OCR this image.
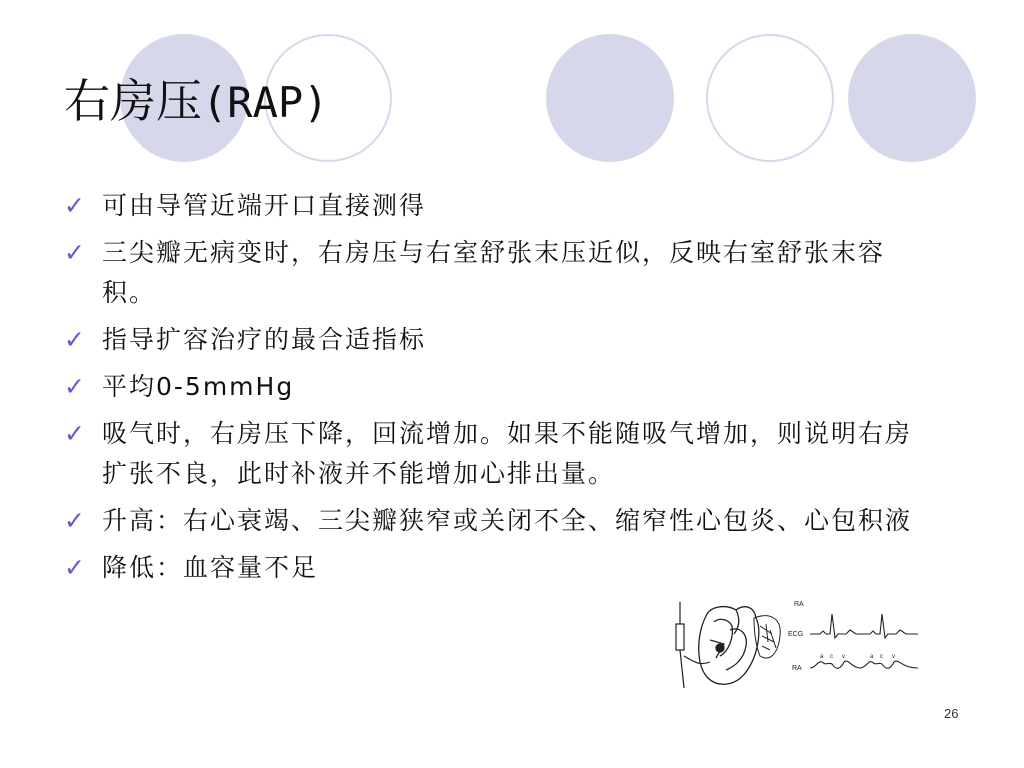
右房压(RAP)
✓ 可由导管近端开口直接测得
✓ 三尖瓣无病变时，右房压与右室舒张末压近似，反映右室舒张末容积。
✓ 指导扩容治疗的最合适指标
✓ 平均0-5mmHg
✓ 吸气时，右房压下降，回流增加。如果不能随吸气增加，则说明右房扩张不良，此时补液并不能增加心排出量。
✓ 升高：右心衰竭、三尖瓣狭窄或关闭不全、缩窄性心包炎、心包积液
✓ 降低：血容量不足
RA
ECG
RA
a c v	a c v
26
